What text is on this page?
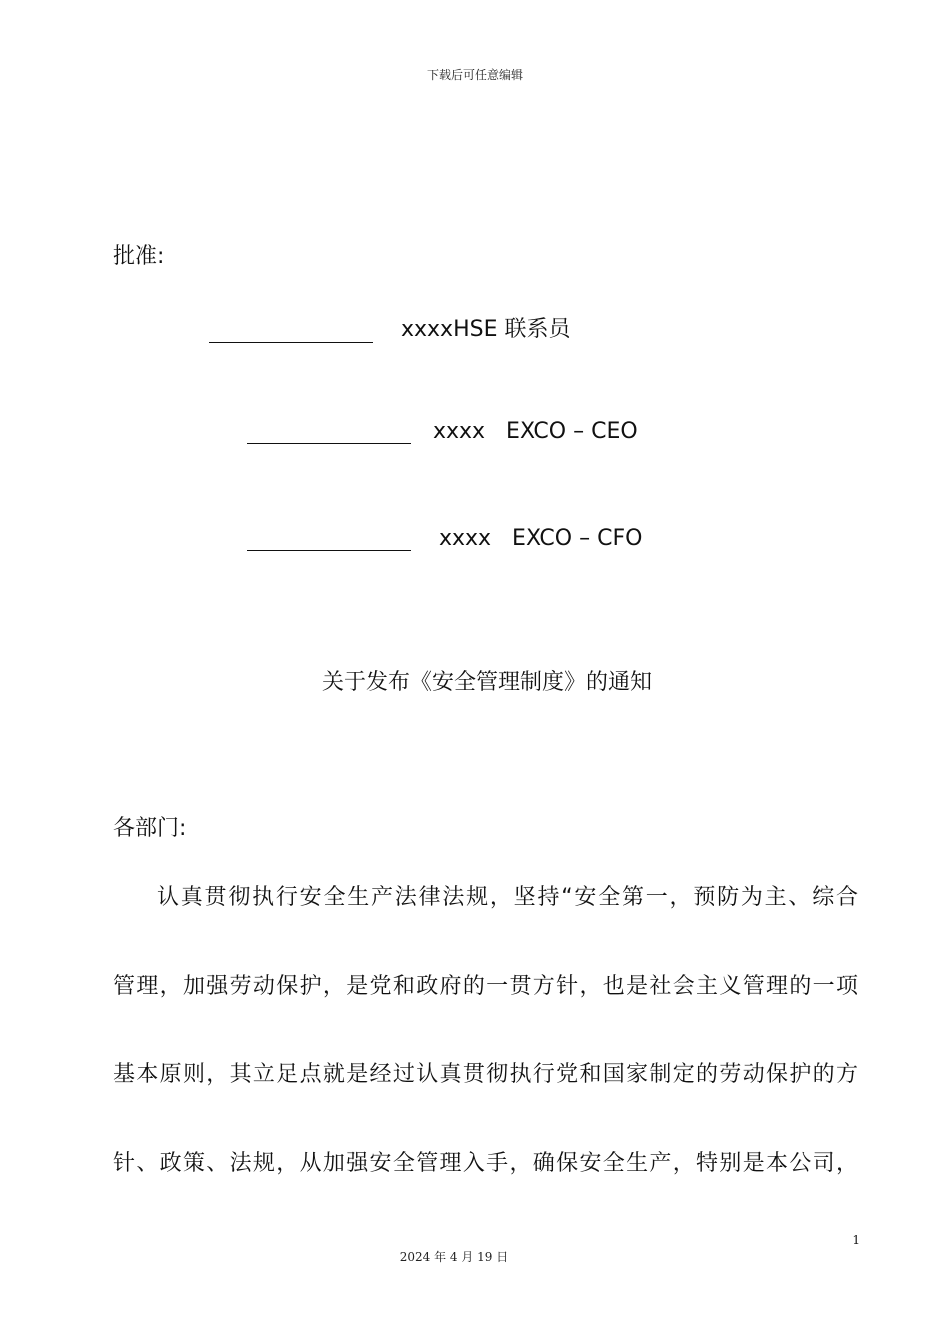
下载后可任意编辑
批准:
xxxxHSE 联系员
xxxx   EXCO – CEO
xxxx   EXCO – CFO
关于发布《安全管理制度》的通知
各部门:
认真贯彻执行安全生产法律法规，坚持“安全第一，预防为主、综合
管理，加强劳动保护，是党和政府的一贯方针，也是社会主义管理的一项
基本原则，其立足点就是经过认真贯彻执行党和国家制定的劳动保护的方
针、政策、法规，从加强安全管理入手，确保安全生产，特别是本公司，
1
2024 年 4 月 19 日
